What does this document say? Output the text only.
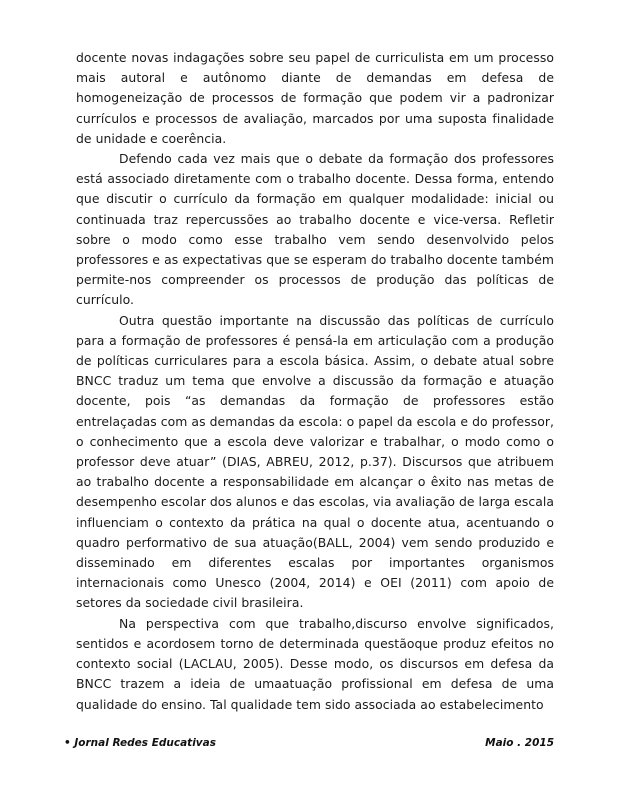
docente novas indagações sobre seu papel de curriculista em um processo mais autoral e autônomo diante de demandas em defesa de homogeneização de processos de formação que podem vir a padronizar currículos e processos de avaliação, marcados por uma suposta finalidade de unidade e coerência.

Defendo cada vez mais que o debate da formação dos professores está associado diretamente com o trabalho docente. Dessa forma, entendo que discutir o currículo da formação em qualquer modalidade: inicial ou continuada traz repercussões ao trabalho docente e vice-versa. Refletir sobre o modo como esse trabalho vem sendo desenvolvido pelos professores e as expectativas que se esperam do trabalho docente também permite-nos compreender os processos de produção das políticas de currículo.

Outra questão importante na discussão das políticas de currículo para a formação de professores é pensá-la em articulação com a produção de políticas curriculares para a escola básica. Assim, o debate atual sobre BNCC traduz um tema que envolve a discussão da formação e atuação docente, pois “as demandas da formação de professores estão entrelaçadas com as demandas da escola: o papel da escola e do professor, o conhecimento que a escola deve valorizar e trabalhar, o modo como o professor deve atuar” (DIAS, ABREU, 2012, p.37). Discursos que atribuem ao trabalho docente a responsabilidade em alcançar o êxito nas metas de desempenho escolar dos alunos e das escolas, via avaliação de larga escala influenciam o contexto da prática na qual o docente atua, acentuando o quadro performativo de sua atuação(BALL, 2004) vem sendo produzido e disseminado em diferentes escalas por importantes organismos internacionais como Unesco (2004, 2014) e OEI (2011) com apoio de setores da sociedade civil brasileira.

Na perspectiva com que trabalho,discurso envolve significados, sentidos e acordosem torno de determinada questãoque produz efeitos no contexto social (LACLAU, 2005). Desse modo, os discursos em defesa da BNCC trazem a ideia de umaatuação profissional em defesa de uma qualidade do ensino. Tal qualidade tem sido associada ao estabelecimento

• Jornal Redes Educativas	Maio . 2015
